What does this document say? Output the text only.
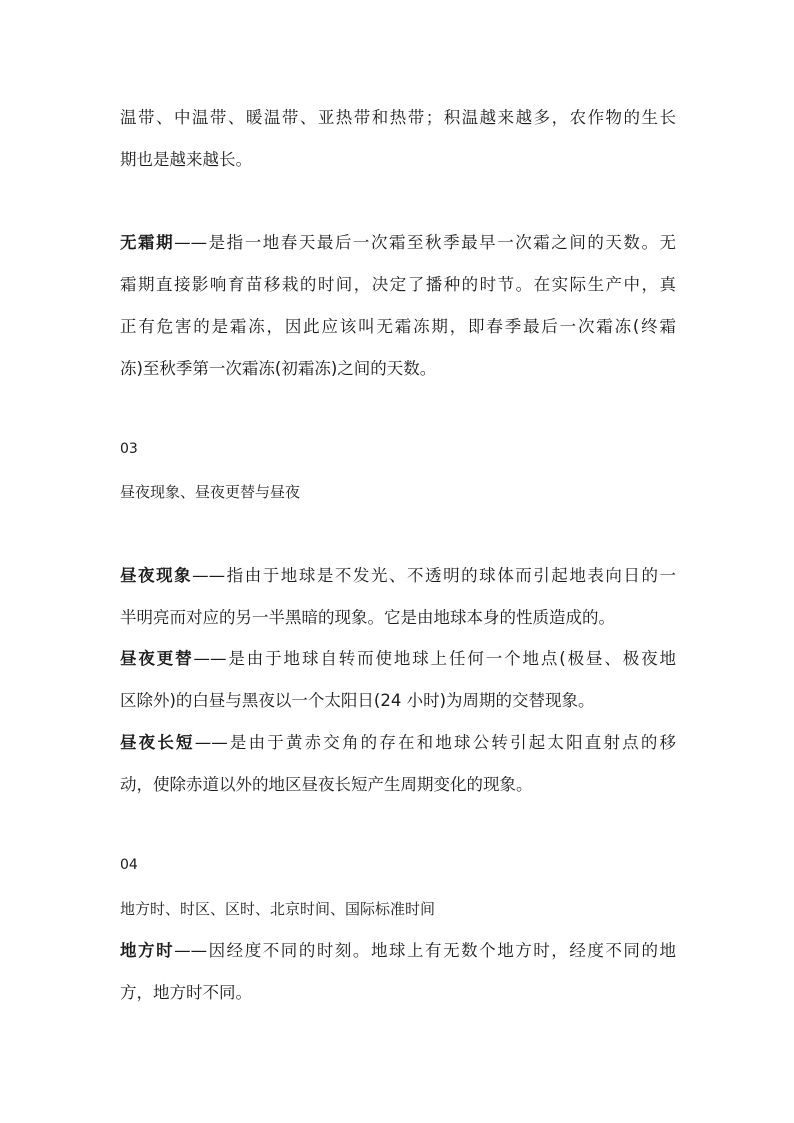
温带、中温带、暖温带、亚热带和热带；积温越来越多，农作物的生长
期也是越来越长。
无霜期——是指一地春天最后一次霜至秋季最早一次霜之间的天数。无
霜期直接影响育苗移栽的时间，决定了播种的时节。在实际生产中，真
正有危害的是霜冻，因此应该叫无霜冻期，即春季最后一次霜冻(终霜
冻)至秋季第一次霜冻(初霜冻)之间的天数。
03
昼夜现象、昼夜更替与昼夜
昼夜现象——指由于地球是不发光、不透明的球体而引起地表向日的一
半明亮而对应的另一半黑暗的现象。它是由地球本身的性质造成的。
昼夜更替——是由于地球自转而使地球上任何一个地点(极昼、极夜地
区除外)的白昼与黑夜以一个太阳日(24 小时)为周期的交替现象。
昼夜长短——是由于黄赤交角的存在和地球公转引起太阳直射点的移
动，使除赤道以外的地区昼夜长短产生周期变化的现象。
04
地方时、时区、区时、北京时间、国际标准时间
地方时——因经度不同的时刻。地球上有无数个地方时，经度不同的地
方，地方时不同。
